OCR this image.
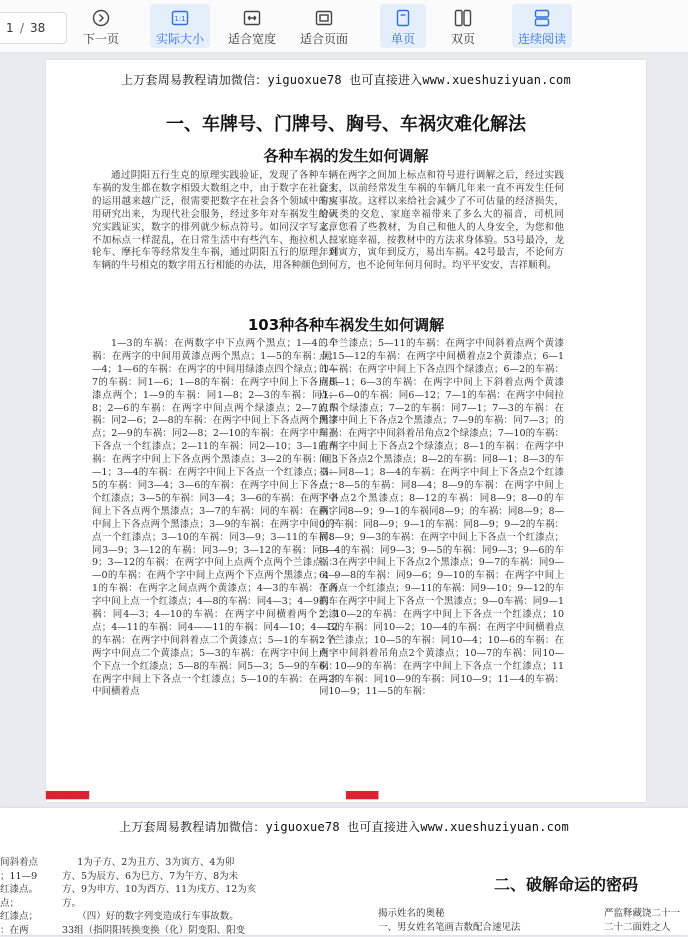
1 / 38
下一页
1:1
实际大小	适合宽度	适合页面	单页	双页	连续阅读
上万套周易教程请加微信：yiguoxue78 也可直接进入www.xueshuziyuan.com
一、车牌号、门牌号、胸号、车祸灾难化解法
各种车祸的发生如何调解

通过阴阳五行生克的原理实践验证，发现了各种车辆车祸的发生都在数字相毁大数组之中，由于数字在社会上的运用越来越广泛，很需要把数字在社会各个领域中的应用研究出来，为现代社会服务，经过多年对车祸发生的研究实践证实，数字的排列就少标点符号。如同汉字写文章不加标点一样混乱，在日常生活中有些汽车、拖拉机、三轮车、摩托车等经常发生车祸，通过阴阳五行的原理，对车辆的牛号相克的数字用五行相能的办法，用各种颜色

在两字之间加上标点和符号进行调解之后，经过实践证实，以前经常发生车祸的车辆几年来一直不再发生任何车实事故。这样以来给社会减少了不可估量的经济损失，给人类的交危、家庭幸福带来了多么大的福音，司机同志，您看了些教材，为自己和他人的人身安全，为您和他人拉家庭幸福，按教材中的方法求身体验。53号最冷，龙年到寅方，寅年到反方，易出车祸。42号最吉，不论何方到何方，也不论何年何月何时。均平平安安、吉祥顺利。

103种各种车祸发生如何调解

1—3的车祸：在两数字中下点两个黑点；1—4的车祸：在两字的中间用黄漆点两个黑点；1—5的车祸：同1—4；1—6的车祸：在两字的中间用绿漆点四个绿点；1—7的车祸：同1—6；1—8的车祸：在两字中间上下各点黑漆点两个；1—9的车祸：同1—8；2—3的车祸：同1—8；2—6的车祸：在两字中间点两个绿漆点；2—7的车祸：同2—6；2—8的车祸：在两字中间上下各点两个黑漆点；2—9的车祸：同2—8；2—10的车祸：在两字中间上下各点一个红漆点；2—11的车祸：同2—10；3—1的车祸：在两字中间上下各点两个黑漆点；3—2的车祸：同3—1；3—4的车祸：在两字中间上下各点一个红漆点；3—5的车祸：同3—4；3—6的车祸：在两字中间上下各点一个红漆点；3—5的车祸：同3—4；3—6的车祸：在两字中间上下各点两个黑漆点；3—7的车祸：同的车祸：在两字中间上下各点两个黑漆点；3—9的车祸：在两字中间上下点一个红漆点；3—10的车祸：同3—9；3—11的车祸：同3—9；3—12的车祸：同3—9；3—12的车祸：同3—9；3—12的车祸：在两字中间上点两个点两个兰漆点；3—0的车祸：在两个字中间上点两个下点两个黑漆点；4—1的车祸：在两字之间点两个黄漆点；4—3的车祸：在两字中间上点一个红漆点；4—8的车祸：同4—3；4—9的车祸：同4—3；4—10的车祸：在两字中间横着两个兰漆点；4—11的车祸：同4——11的车祸：同4—10；4—12的车祸：在两字中间斜着点二个黄漆点；5—1的车祸：在两字中间点二个黄漆点；5—3的车祸：在两字中间上点一个下点一个红漆点；5—8的车祸：同5—3；5—9的车祸：在两字中间上下各点一个红漆点；5—10的车祸：在两字中间横着点

二个兰漆点；5—11的车祸：在两字中间斜着点两个黄漆点；5—12的车祸：在两字中间横着点2个黄漆点；6—1的车祸：在两字中间上下各点四个绿漆点；6—2的车祸：同6—1；6—3的车祸：在两字中间上下斜着点两个黄漆点；6—0的车祸：同6—12；7—1的车祸：在两字中间拉点四个绿漆点；7—2的车祸：同7—1；7—3的车祸：在两字中间上下各点2个黑漆点；7—9的车祸：同7—3；的车祸：在两字中间斜着吊角点2个绿漆点；7—10的车祸：在两字中间上下各点2个绿漆点；8—1的车祸：在两字中间上下各点2个黑漆点；8—2的车祸：同8—1；8—3的车祸：同8—1；8—4的车祸：在两字中间上下各点2个红漆点；8—5的车祸：同8—4；8—9的车祸：在两字中间上下各点2个黑漆点；8—12的车祸：同8—9；8—0的车祸：同8—9；9—1的车祸同8—9；的车祸：同8—9；8—0的车祸：同8—9；9—1的车祸：同8—9；9—2的车祸：同8—9；9—3的车祸：在两字中间上下各点一个红漆点；9—4的车祸：同9—3；9—5的车祸：同9—3；9—6的车祸：在两字中间上下各点2个黑漆点；9—7的车祸：同9—6；9—8的车祸：同9—6；9—10的车祸：在两字中间上下各点一个红漆点；9—11的车祸：同9—10；9—12的车祸：在两字中间上下各点一个黑漆点；9—0车祸：同9—12；10—2的车祸：在两字中间上下各点一个红漆点；10—3的车祸：同10—2；10—4的车祸：在两字中间横着点2个兰漆点；10—5的车祸：同10—4；10—6的车祸：在两字中间斜着吊角点2个黄漆点；10—7的车祸：同10—6；10—9的车祸：在两字中间上下各点一个红漆点；11—2的车祸：同10—9的车祸：同10—9；11—4的车祸：同10—9；11—5的车祸：

▀▀▀▀	▀▀▀
上万套周易教程请加微信：yiguoxue78 也可直接进入www.xueshuziyuan.com
间斜着点
；11—9
红漆点。
点；
红漆点；
：在两
1为子方、2为丑方、3为寅方、4为卯
方、5为辰方、6为巳方、7为午方、8为未
方、9为申方、10为酉方、11为戌方、12为亥
方。
（四）好的数字列变造成行车事故数。
33组（指阴阳转换变换（化）阴变阳、阳变
二、破解命运的密码
揭示姓名的奥秘
一、男女姓名笔画吉数配合速见法
严监释藏饶二十一
二十二面姓之人
